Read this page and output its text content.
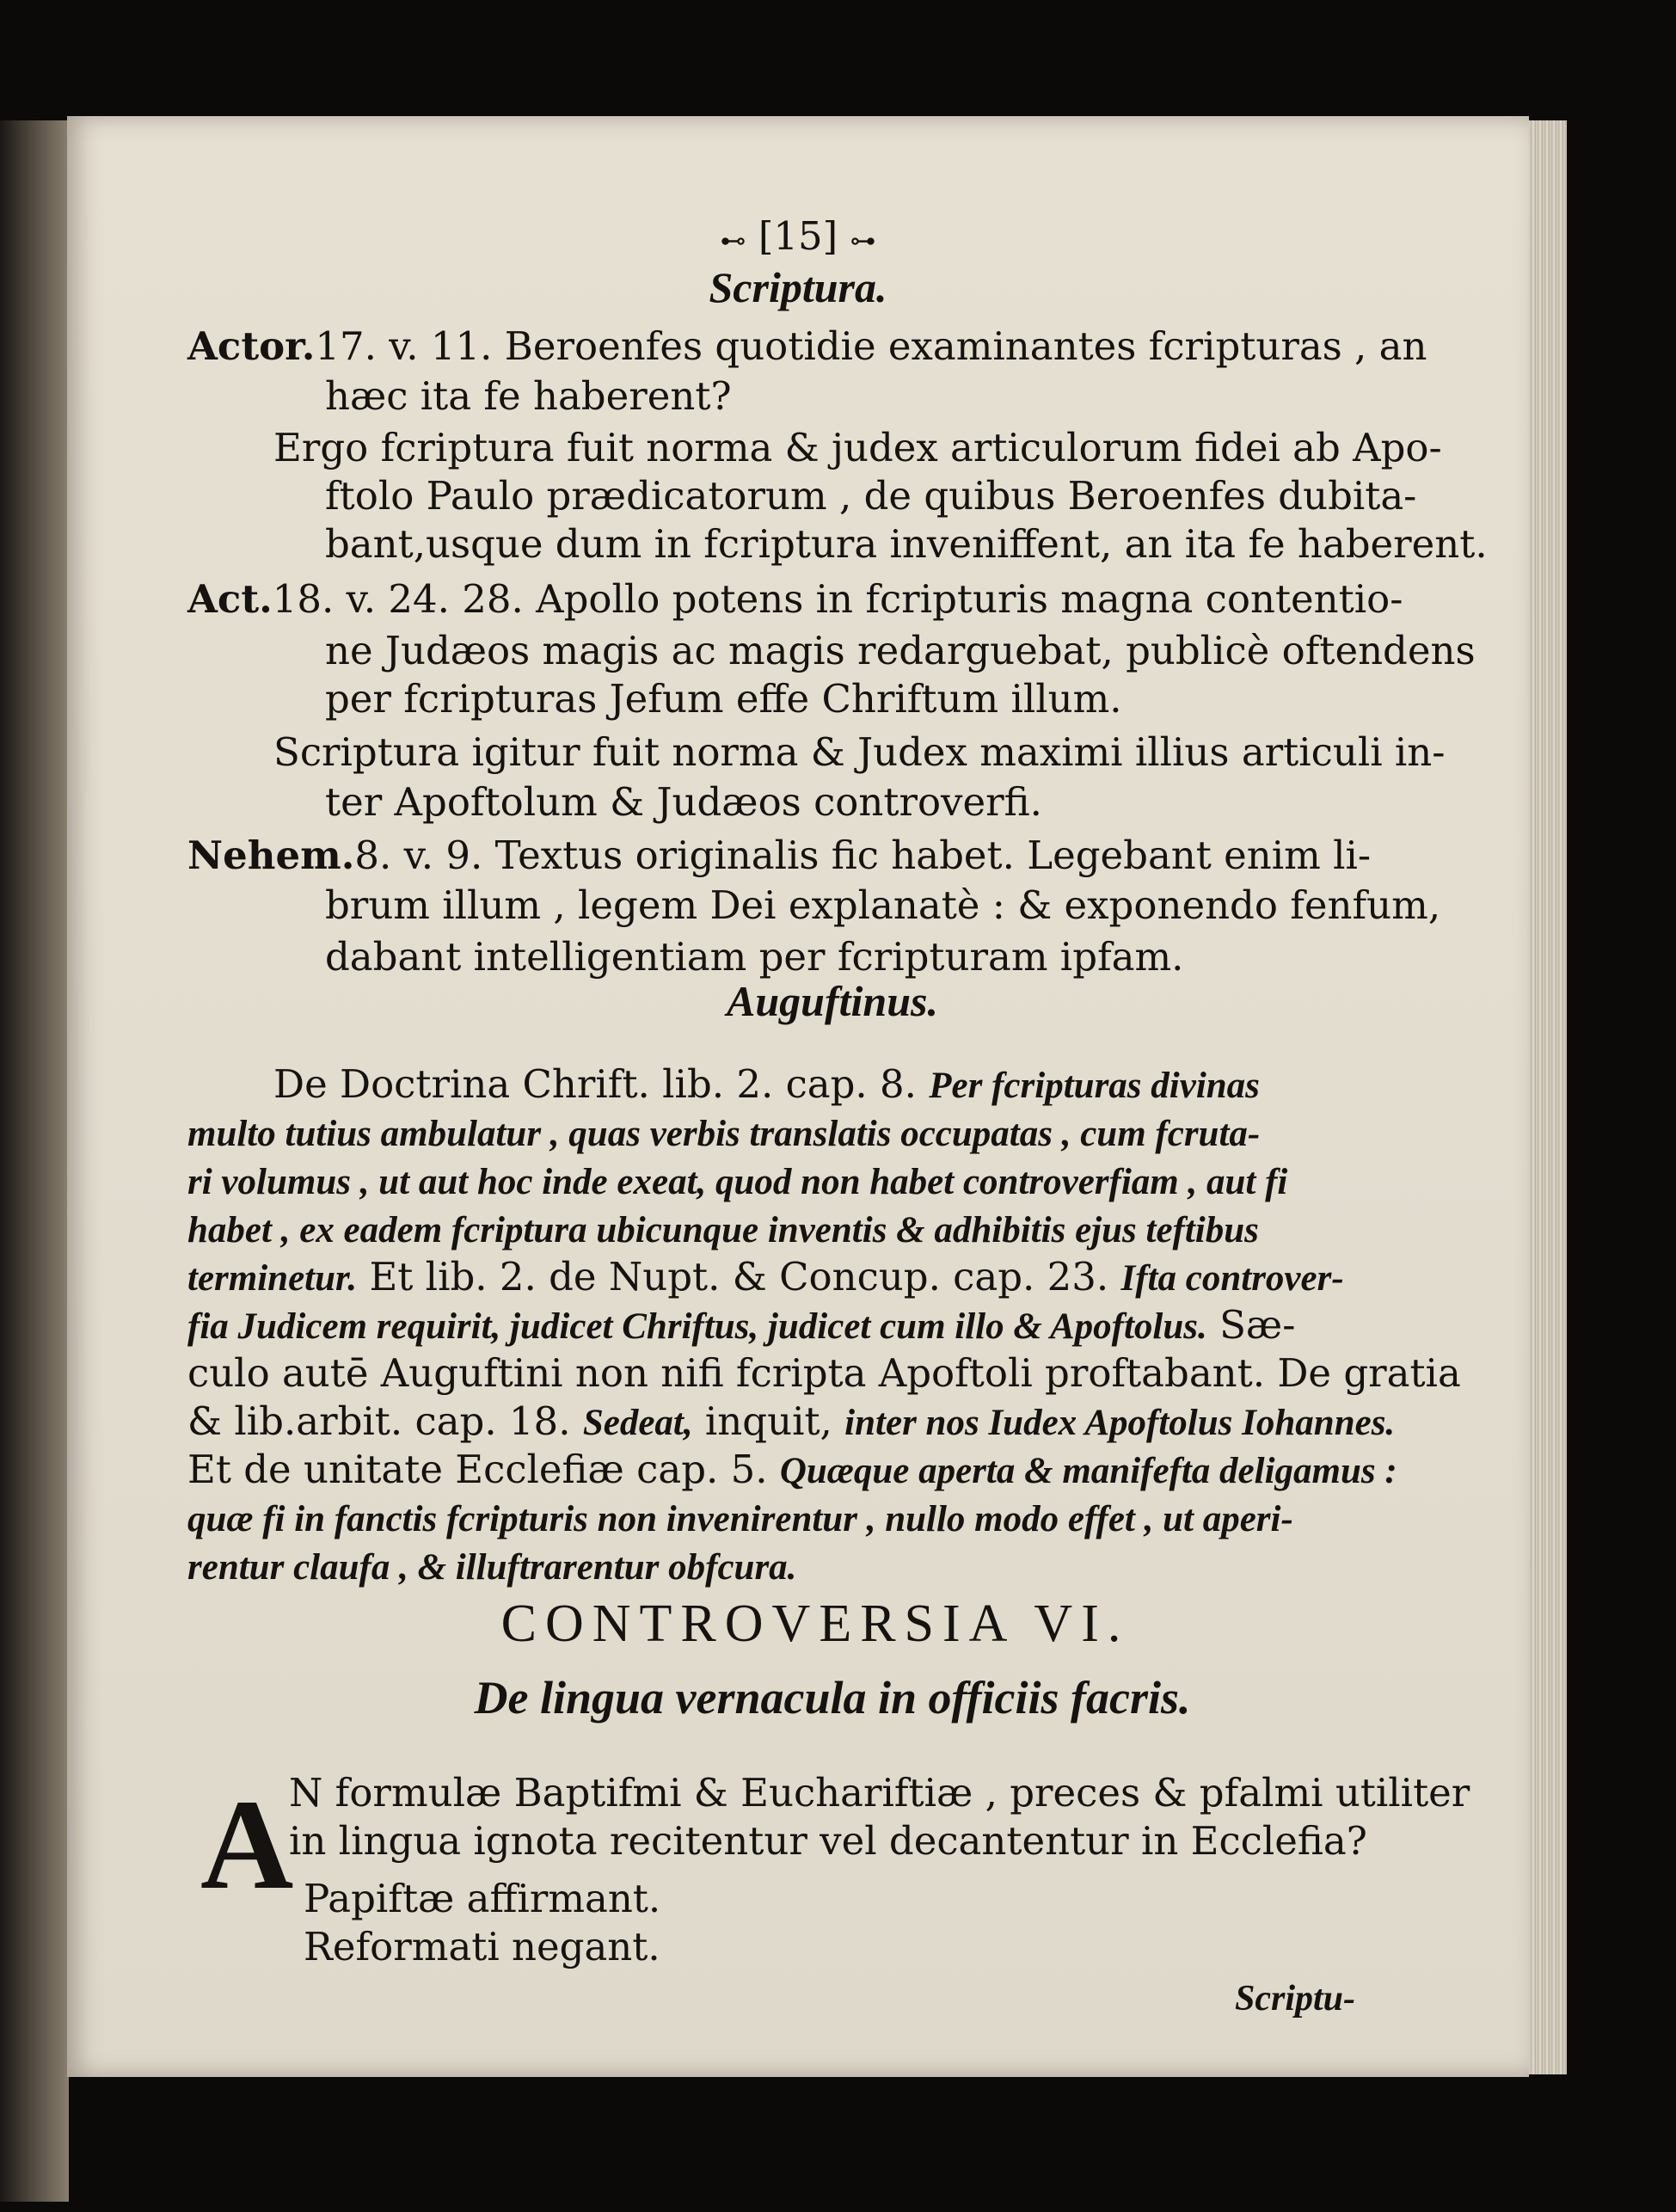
⊷ [15] ⊶
Scriptura.
Actor.17. v. 11. Beroenfes quotidie examinantes fcripturas , an
hæc ita fe haberent?
Ergo fcriptura fuit norma & judex articulorum fidei ab Apo-
ftolo Paulo prædicatorum , de quibus Beroenfes dubita-
bant,usque dum in fcriptura inveniffent, an ita fe haberent.
Act.18. v. 24. 28. Apollo potens in fcripturis magna contentio-
ne Judæos magis ac magis redarguebat, publicè oftendens
per fcripturas Jefum effe Chriftum illum.
Scriptura igitur fuit norma & Judex maximi illius articuli in-
ter Apoftolum & Judæos controverfi.
Nehem.8. v. 9. Textus originalis fic habet. Legebant enim li-
brum illum , legem Dei explanatè : & exponendo fenfum,
dabant intelligentiam per fcripturam ipfam.
Auguftinus.
De Doctrina Chrift. lib. 2. cap. 8. Per fcripturas divinas
multo tutius ambulatur , quas verbis translatis occupatas , cum fcruta-
ri volumus , ut aut hoc inde exeat, quod non habet controverfiam , aut fi
habet , ex eadem fcriptura ubicunque inventis & adhibitis ejus teftibus
terminetur. Et lib. 2. de Nupt. & Concup. cap. 23. Ifta controver-
fia Judicem requirit, judicet Chriftus, judicet cum illo & Apoftolus. Sæ-
culo autē Auguftini non nifi fcripta Apoftoli proftabant. De gratia
& lib.arbit. cap. 18. Sedeat, inquit, inter nos Iudex Apoftolus Iohannes.
Et de unitate Ecclefiæ cap. 5. Quæque aperta & manifefta deligamus :
quæ fi in fanctis fcripturis non invenirentur , nullo modo effet , ut aperi-
rentur claufa , & illuftrarentur obfcura.
CONTROVERSIA VI.
De lingua vernacula in officiis facris.
A
N formulæ Baptifmi & Euchariftiæ , preces & pfalmi utiliter
in lingua ignota recitentur vel decantentur in Ecclefia?
Papiftæ affirmant.
Reformati negant.
Scriptu-
